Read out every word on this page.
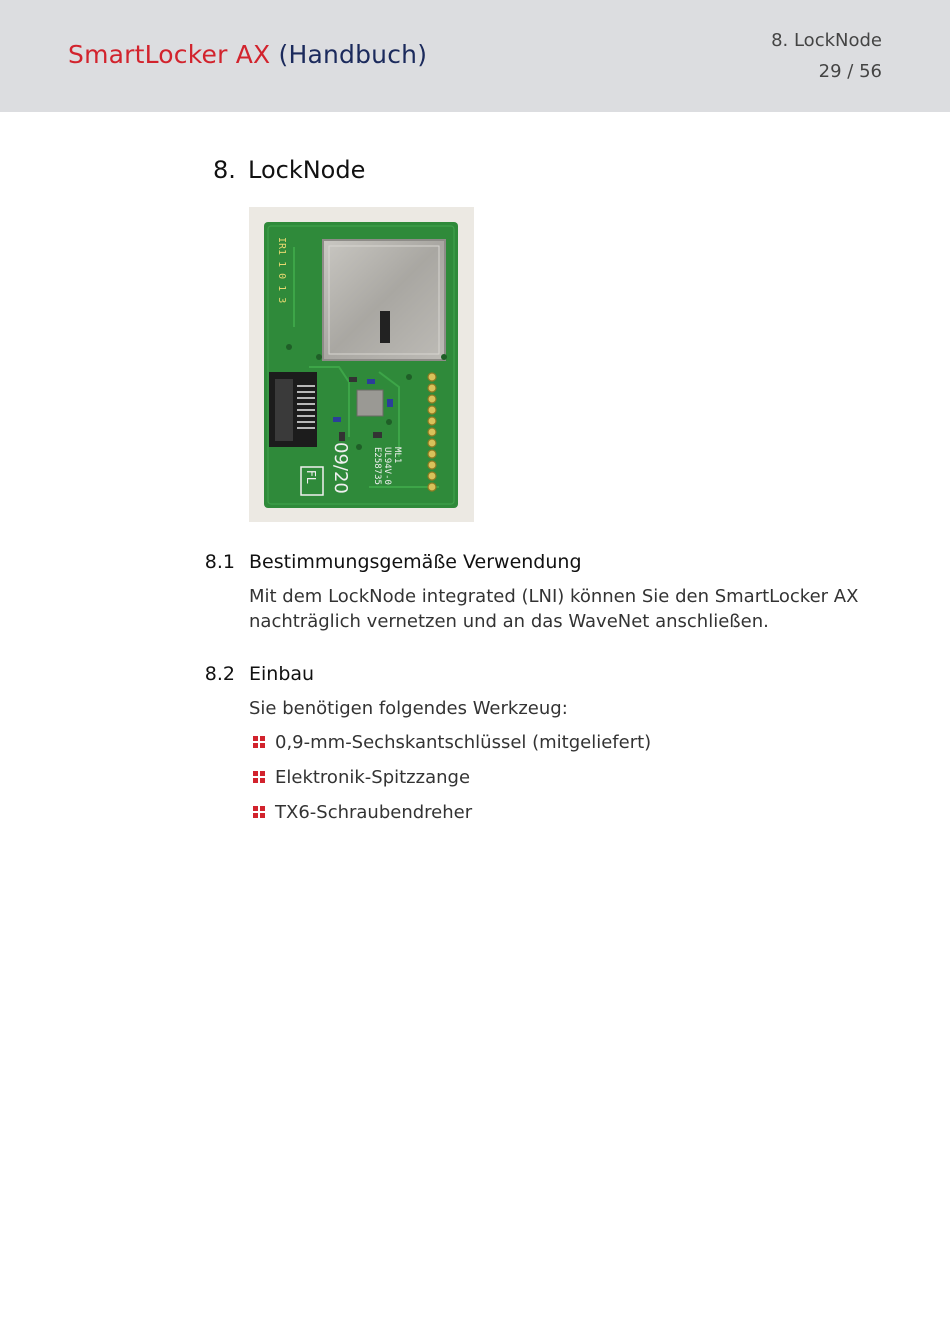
SmartLocker AX (Handbuch)	8. LockNode
29 / 56
8. LockNode
IR1 1 0 1 3
E258735 UL94V-0 ML1
09/20
FL
8.1 Bestimmungsgemäße Verwendung
Mit dem LockNode integrated (LNI) können Sie den SmartLocker AX
nachträglich vernetzen und an das WaveNet anschließen.
8.2 Einbau
Sie benötigen folgendes Werkzeug:
0,9-mm-Sechskantschlüssel (mitgeliefert)
Elektronik-Spitzzange
TX6-Schraubendreher
